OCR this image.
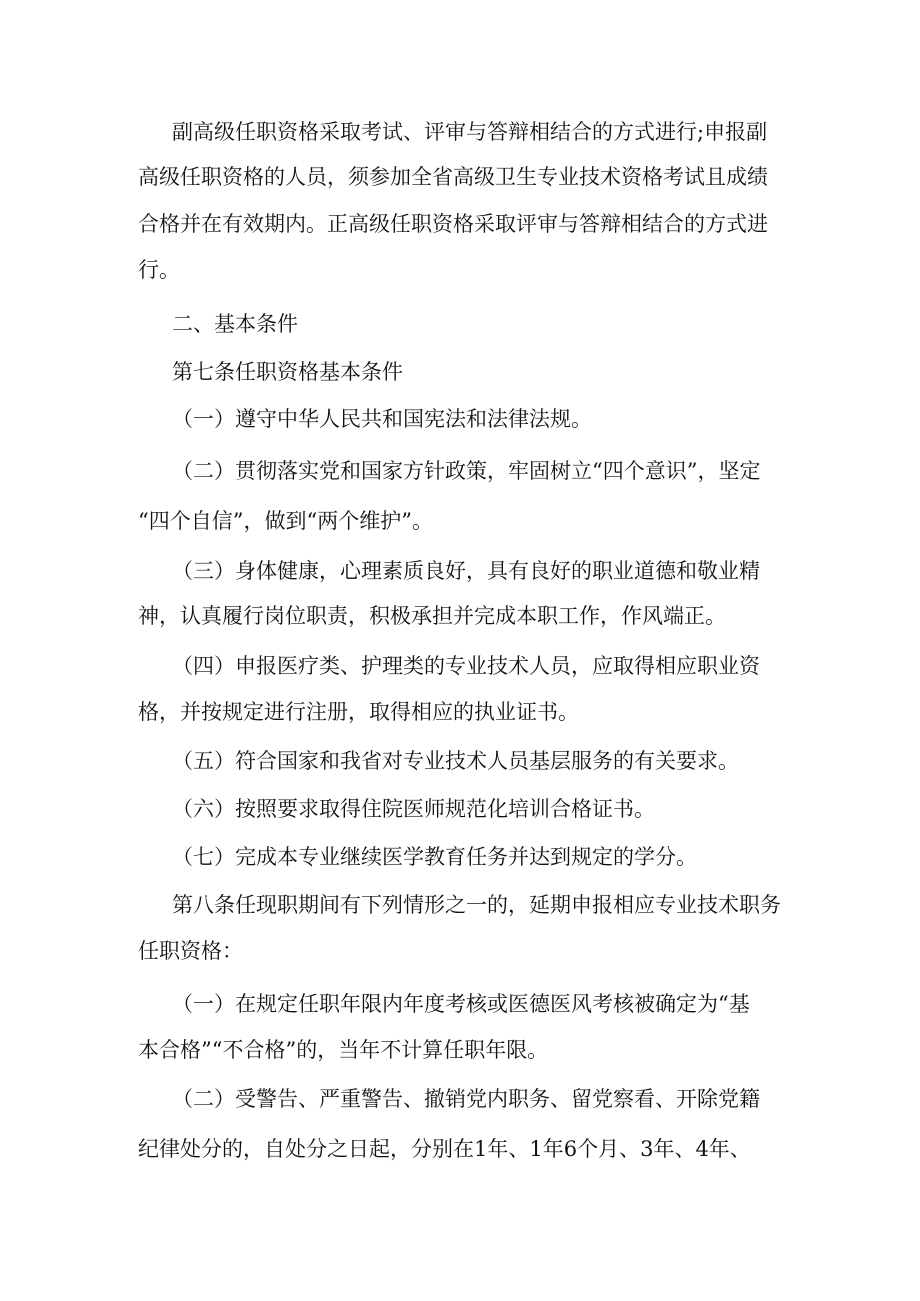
副高级任职资格采取考试、评审与答辩相结合的方式进行;申报副
高级任职资格的人员，须参加全省高级卫生专业技术资格考试且成绩
合格并在有效期内。正高级任职资格采取评审与答辩相结合的方式进
行。
二、基本条件
第七条任职资格基本条件
（一）遵守中华人民共和国宪法和法律法规。
（二）贯彻落实党和国家方针政策，牢固树立“四个意识”，坚定
“四个自信”，做到“两个维护”。
（三）身体健康，心理素质良好，具有良好的职业道德和敬业精
神，认真履行岗位职责，积极承担并完成本职工作，作风端正。
（四）申报医疗类、护理类的专业技术人员，应取得相应职业资
格，并按规定进行注册，取得相应的执业证书。
（五）符合国家和我省对专业技术人员基层服务的有关要求。
（六）按照要求取得住院医师规范化培训合格证书。
（七）完成本专业继续医学教育任务并达到规定的学分。
第八条任现职期间有下列情形之一的，延期申报相应专业技术职务
任职资格：
（一）在规定任职年限内年度考核或医德医风考核被确定为“基
本合格”“不合格”的，当年不计算任职年限。
（二）受警告、严重警告、撤销党内职务、留党察看、开除党籍
纪律处分的，自处分之日起，分别在1年、1年6个月、3年、4年、
